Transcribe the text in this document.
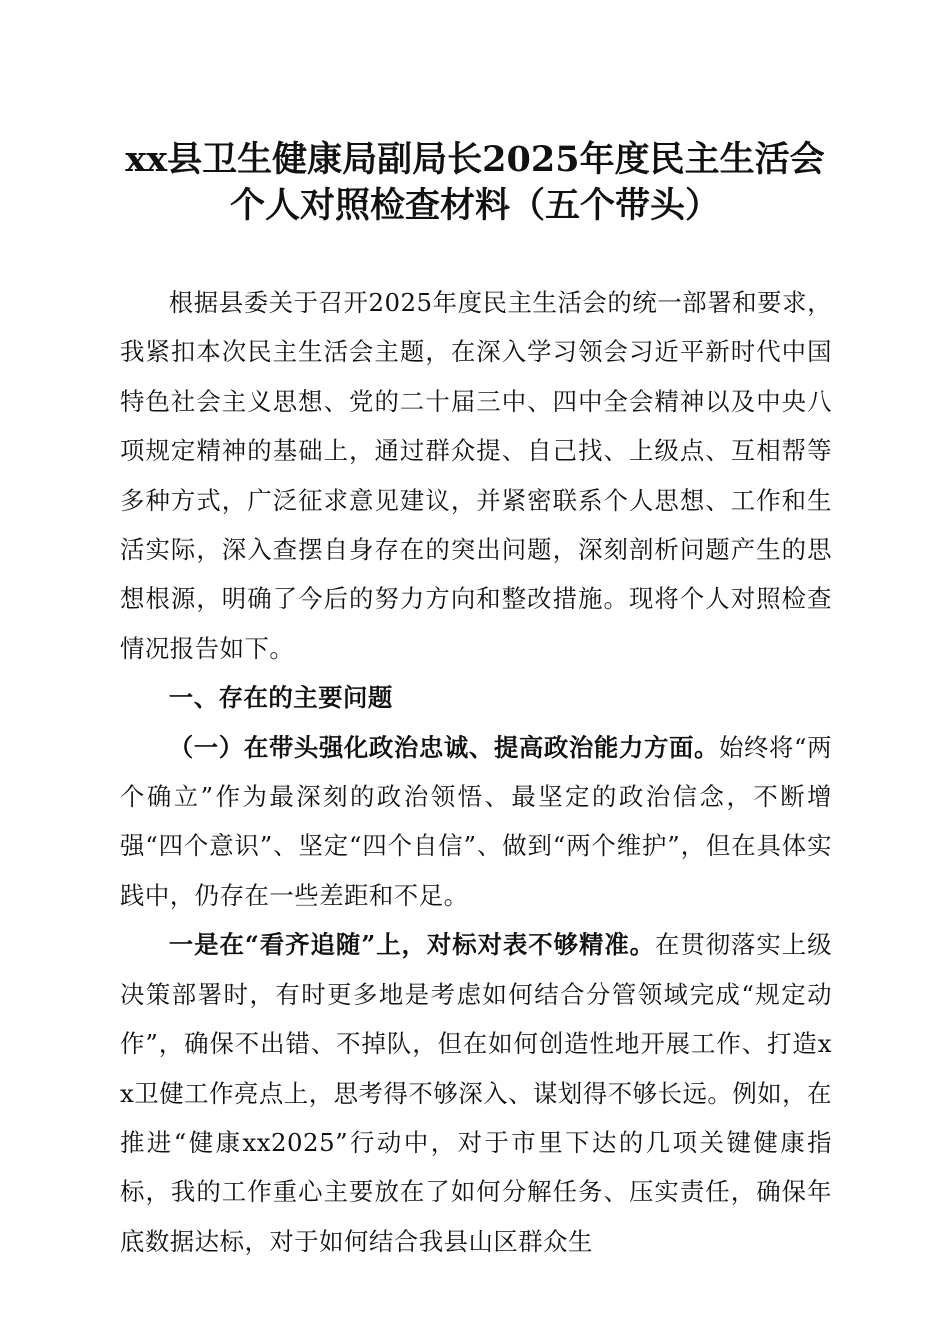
xx县卫生健康局副局长2025年度民主生活会
个人对照检查材料（五个带头）

根据县委关于召开2025年度民主生活会的统一部署和要求，我紧扣本次民主生活会主题，在深入学习领会习近平新时代中国特色社会主义思想、党的二十届三中、四中全会精神以及中央八项规定精神的基础上，通过群众提、自己找、上级点、互相帮等多种方式，广泛征求意见建议，并紧密联系个人思想、工作和生活实际，深入查摆自身存在的突出问题，深刻剖析问题产生的思想根源，明确了今后的努力方向和整改措施。现将个人对照检查情况报告如下。

一、存在的主要问题

（一）在带头强化政治忠诚、提高政治能力方面。始终将“两个确立”作为最深刻的政治领悟、最坚定的政治信念，不断增强“四个意识”、坚定“四个自信”、做到“两个维护”，但在具体实践中，仍存在一些差距和不足。

一是在“看齐追随”上，对标对表不够精准。在贯彻落实上级决策部署时，有时更多地是考虑如何结合分管领域完成“规定动作”，确保不出错、不掉队，但在如何创造性地开展工作、打造xx卫健工作亮点上，思考得不够深入、谋划得不够长远。例如，在推进“健康xx2025”行动中，对于市里下达的几项关键健康指标，我的工作重心主要放在了如何分解任务、压实责任，确保年底数据达标，对于如何结合我县山区群众生
